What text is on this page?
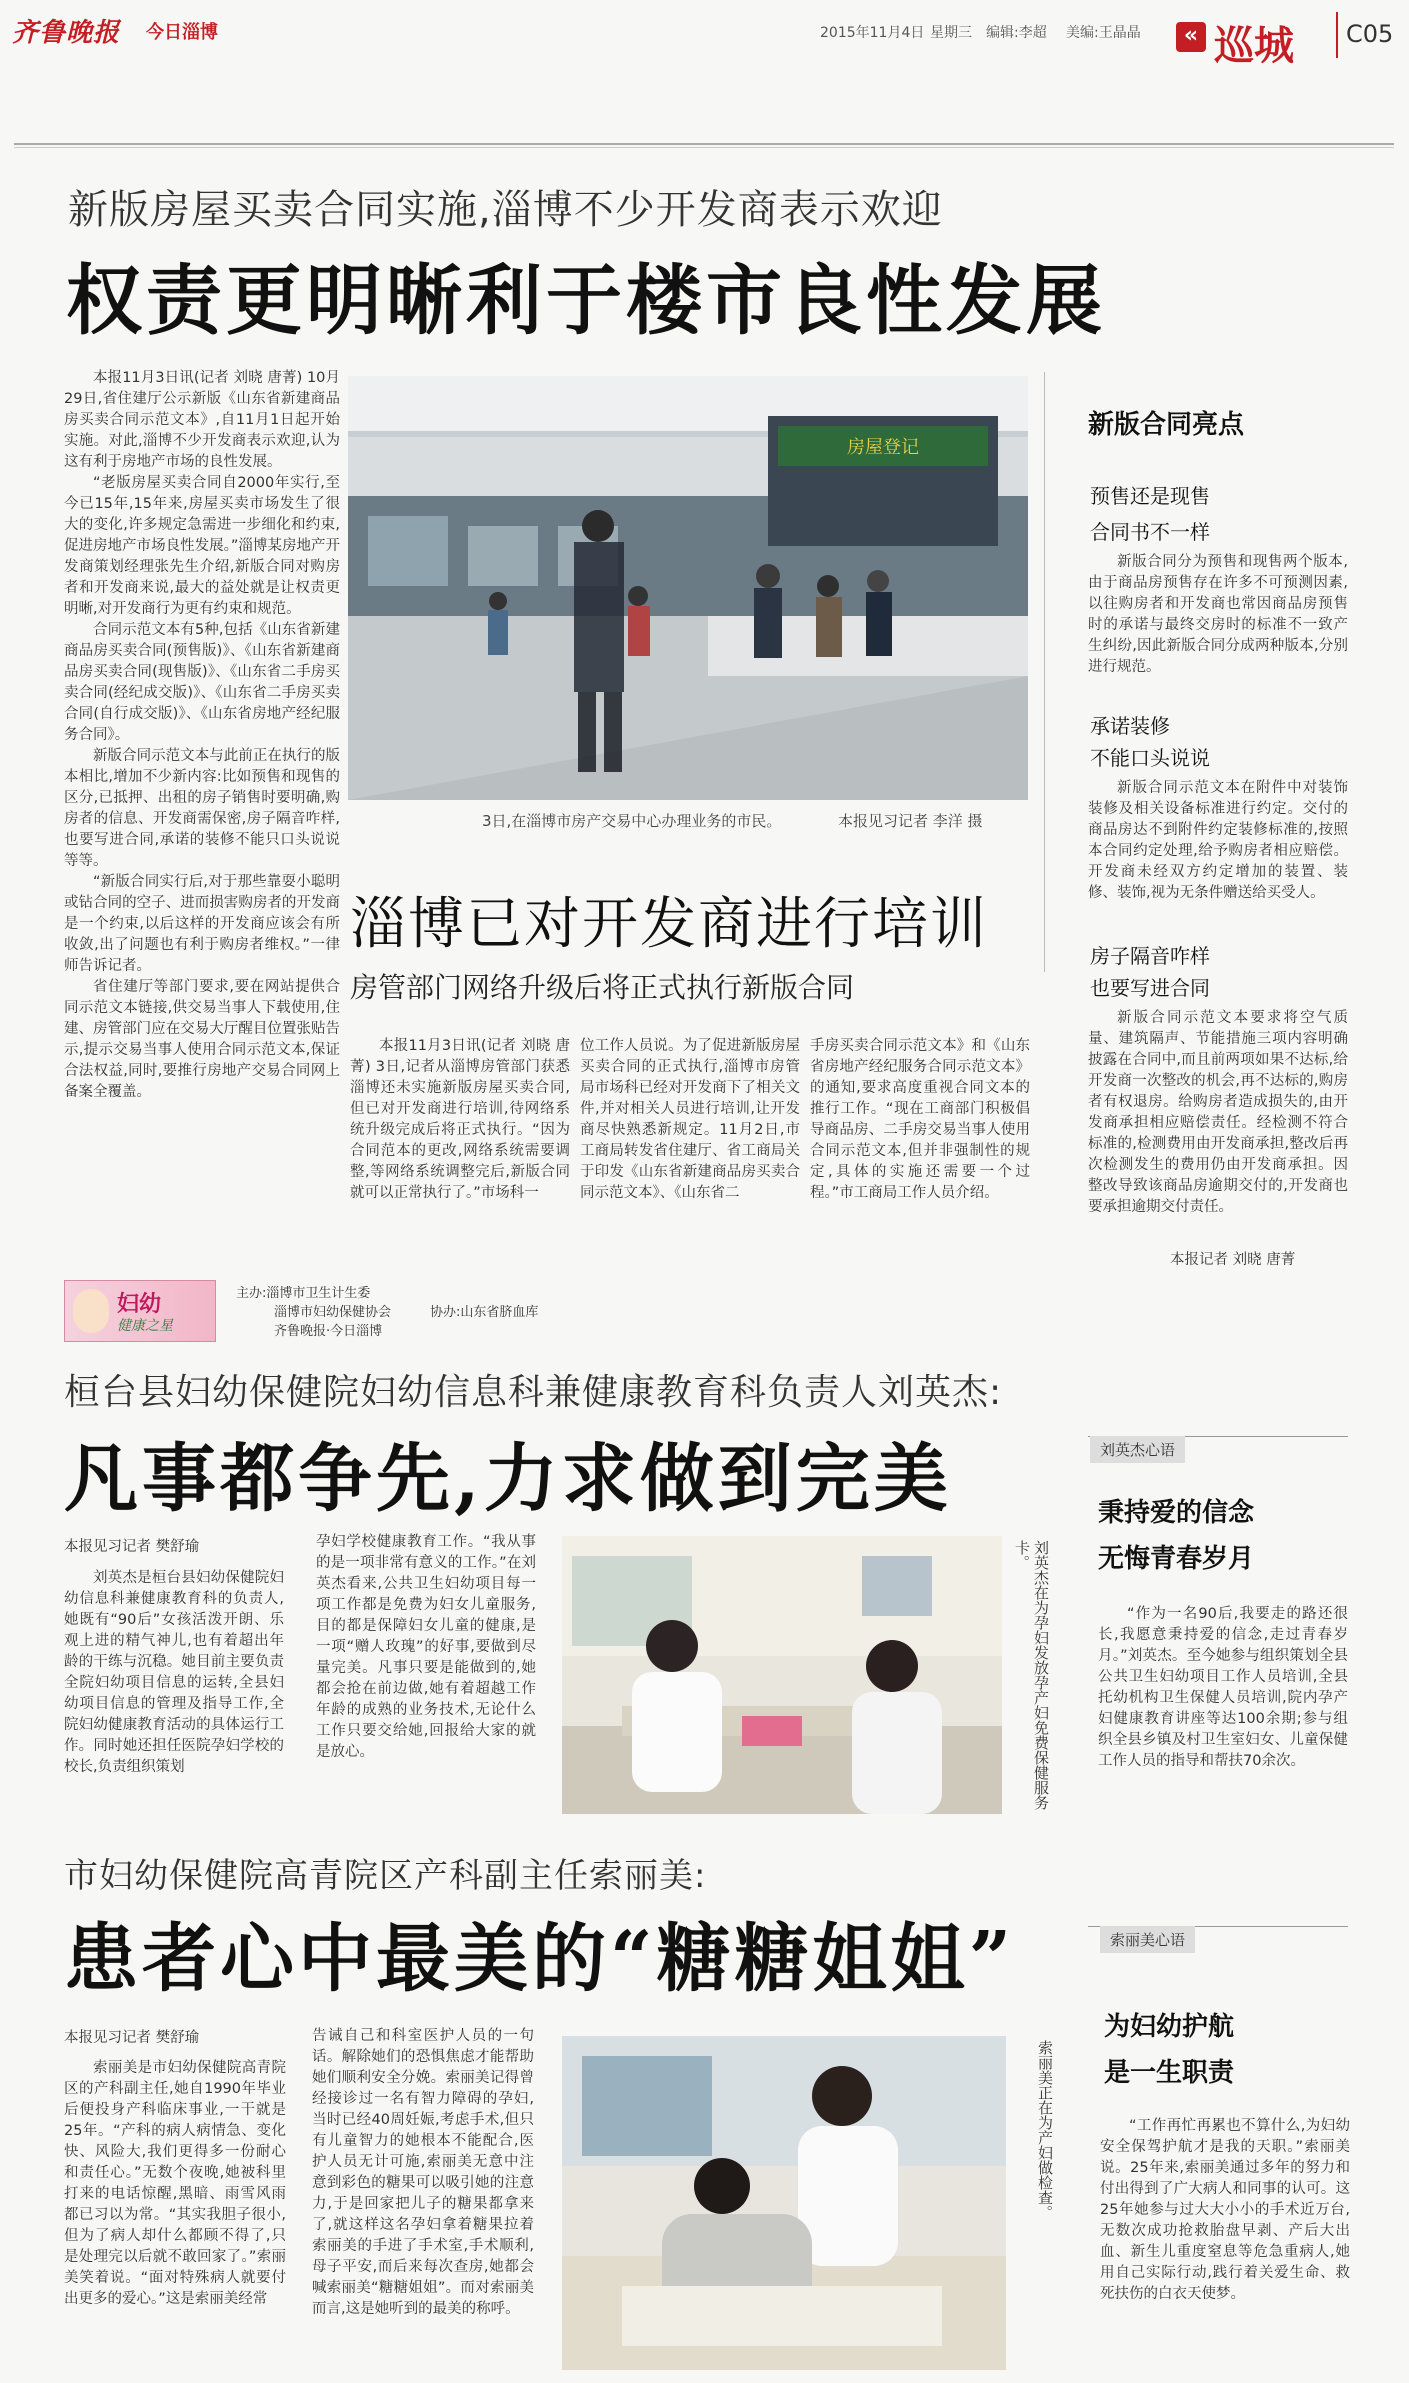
齐鲁晚报 今日淄博	2015年11月4日 星期三 编辑:李超 美编:王晶晶	« 巡城 C05
新版房屋买卖合同实施,淄博不少开发商表示欢迎
权责更明晰利于楼市良性发展

本报11月3日讯(记者 刘晓 唐菁) 10月29日,省住建厅公示新版《山东省新建商品房买卖合同示范文本》,自11月1日起开始实施。对此,淄博不少开发商表示欢迎,认为这有利于房地产市场的良性发展。

“老版房屋买卖合同自2000年实行,至今已15年,15年来,房屋买卖市场发生了很大的变化,许多规定急需进一步细化和约束,促进房地产市场良性发展。”淄博某房地产开发商策划经理张先生介绍,新版合同对购房者和开发商来说,最大的益处就是让权责更明晰,对开发商行为更有约束和规范。

合同示范文本有5种,包括《山东省新建商品房买卖合同(预售版)》、《山东省新建商品房买卖合同(现售版)》、《山东省二手房买卖合同(经纪成交版)》、《山东省二手房买卖合同(自行成交版)》、《山东省房地产经纪服务合同》。

新版合同示范文本与此前正在执行的版本相比,增加不少新内容:比如预售和现售的区分,已抵押、出租的房子销售时要明确,购房者的信息、开发商需保密,房子隔音咋样,也要写进合同,承诺的装修不能只口头说说等等。

“新版合同实行后,对于那些靠耍小聪明或钻合同的空子、进而损害购房者的开发商是一个约束,以后这样的开发商应该会有所收敛,出了问题也有利于购房者维权。”一律师告诉记者。

省住建厅等部门要求,要在网站提供合同示范文本链接,供交易当事人下载使用,住建、房管部门应在交易大厅醒目位置张贴告示,提示交易当事人使用合同示范文本,保证合法权益,同时,要推行房地产交易合同网上备案全覆盖。

房屋登记
3日,在淄博市房产交易中心办理业务的市民。	本报见习记者 李洋 摄
新版合同亮点
预售还是现售
合同书不一样

新版合同分为预售和现售两个版本,由于商品房预售存在许多不可预测因素,以往购房者和开发商也常因商品房预售时的承诺与最终交房时的标准不一致产生纠纷,因此新版合同分成两种版本,分别进行规范。

承诺装修
不能口头说说

新版合同示范文本在附件中对装饰装修及相关设备标准进行约定。交付的商品房达不到附件约定装修标准的,按照本合同约定处理,给予购房者相应赔偿。开发商未经双方约定增加的装置、装修、装饰,视为无条件赠送给买受人。

房子隔音咋样
也要写进合同

新版合同示范文本要求将空气质量、建筑隔声、节能措施三项内容明确披露在合同中,而且前两项如果不达标,给开发商一次整改的机会,再不达标的,购房者有权退房。给购房者造成损失的,由开发商承担相应赔偿责任。经检测不符合标准的,检测费用由开发商承担,整改后再次检测发生的费用仍由开发商承担。因整改导致该商品房逾期交付的,开发商也要承担逾期交付责任。

本报记者 刘晓 唐菁
淄博已对开发商进行培训
房管部门网络升级后将正式执行新版合同

本报11月3日讯(记者 刘晓 唐菁) 3日,记者从淄博房管部门获悉淄博还未实施新版房屋买卖合同,但已对开发商进行培训,待网络系统升级完成后将正式执行。“因为合同范本的更改,网络系统需要调整,等网络系统调整完后,新版合同就可以正常执行了。”市场科一

位工作人员说。为了促进新版房屋买卖合同的正式执行,淄博市房管局市场科已经对开发商下了相关文件,并对相关人员进行培训,让开发商尽快熟悉新规定。11月2日,市工商局转发省住建厅、省工商局关于印发《山东省新建商品房买卖合同示范文本》、《山东省二

手房买卖合同示范文本》和《山东省房地产经纪服务合同示范文本》的通知,要求高度重视合同文本的推行工作。“现在工商部门积极倡导商品房、二手房交易当事人使用合同示范文本,但并非强制性的规定,具体的实施还需要一个过程。”市工商局工作人员介绍。

妇幼
健康之星
主办:淄博市卫生计生委
淄博市妇幼保健协会
齐鲁晚报·今日淄博
协办:山东省脐血库
桓台县妇幼保健院妇幼信息科兼健康教育科负责人刘英杰:
凡事都争先,力求做到完美
本报见习记者 樊舒瑜

刘英杰是桓台县妇幼保健院妇幼信息科兼健康教育科的负责人,她既有“90后”女孩活泼开朗、乐观上进的精气神儿,也有着超出年龄的干练与沉稳。她目前主要负责全院妇幼项目信息的运转,全县妇幼项目信息的管理及指导工作,全院妇幼健康教育活动的具体运行工作。同时她还担任医院孕妇学校的校长,负责组织策划

孕妇学校健康教育工作。“我从事的是一项非常有意义的工作。”在刘英杰看来,公共卫生妇幼项目每一项工作都是免费为妇女儿童服务,目的都是保障妇女儿童的健康,是一项“赠人玫瑰”的好事,要做到尽量完美。凡事只要是能做到的,她都会抢在前边做,她有着超越工作年龄的成熟的业务技术,无论什么工作只要交给她,回报给大家的就是放心。	刘英杰在为孕妇发放孕产妇免费保健服务卡。
刘英杰心语
秉持爱的信念
无悔青春岁月

“作为一名90后,我要走的路还很长,我愿意秉持爱的信念,走过青春岁月。”刘英杰。至今她参与组织策划全县公共卫生妇幼项目工作人员培训,全县托幼机构卫生保健人员培训,院内孕产妇健康教育讲座等达100余期;参与组织全县乡镇及村卫生室妇女、儿童保健工作人员的指导和帮扶70余次。

市妇幼保健院高青院区产科副主任索丽美:
患者心中最美的“糖糖姐姐”
本报见习记者 樊舒瑜

索丽美是市妇幼保健院高青院区的产科副主任,她自1990年毕业后便投身产科临床事业,一干就是25年。“产科的病人病情急、变化快、风险大,我们更得多一份耐心和责任心。”无数个夜晚,她被科里打来的电话惊醒,黑暗、雨雪风雨都已习以为常。“其实我胆子很小,但为了病人却什么都顾不得了,只是处理完以后就不敢回家了。”索丽美笑着说。“面对特殊病人就要付出更多的爱心。”这是索丽美经常

告诫自己和科室医护人员的一句话。解除她们的恐惧焦虑才能帮助她们顺利安全分娩。索丽美记得曾经接诊过一名有智力障碍的孕妇,当时已经40周妊娠,考虑手术,但只有儿童智力的她根本不能配合,医护人员无计可施,索丽美无意中注意到彩色的糖果可以吸引她的注意力,于是回家把儿子的糖果都拿来了,就这样这名孕妇拿着糖果拉着索丽美的手进了手术室,手术顺利,母子平安,而后来每次查房,她都会喊索丽美“糖糖姐姐”。而对索丽美而言,这是她听到的最美的称呼。

索丽美正在为产妇做检查。
索丽美心语
为妇幼护航
是一生职责

“工作再忙再累也不算什么,为妇幼安全保驾护航才是我的天职。”索丽美说。25年来,索丽美通过多年的努力和付出得到了广大病人和同事的认可。这25年她参与过大大小小的手术近万台,无数次成功抢救胎盘早剥、产后大出血、新生儿重度窒息等危急重病人,她用自己实际行动,践行着关爱生命、救死扶伤的白衣天使梦。
